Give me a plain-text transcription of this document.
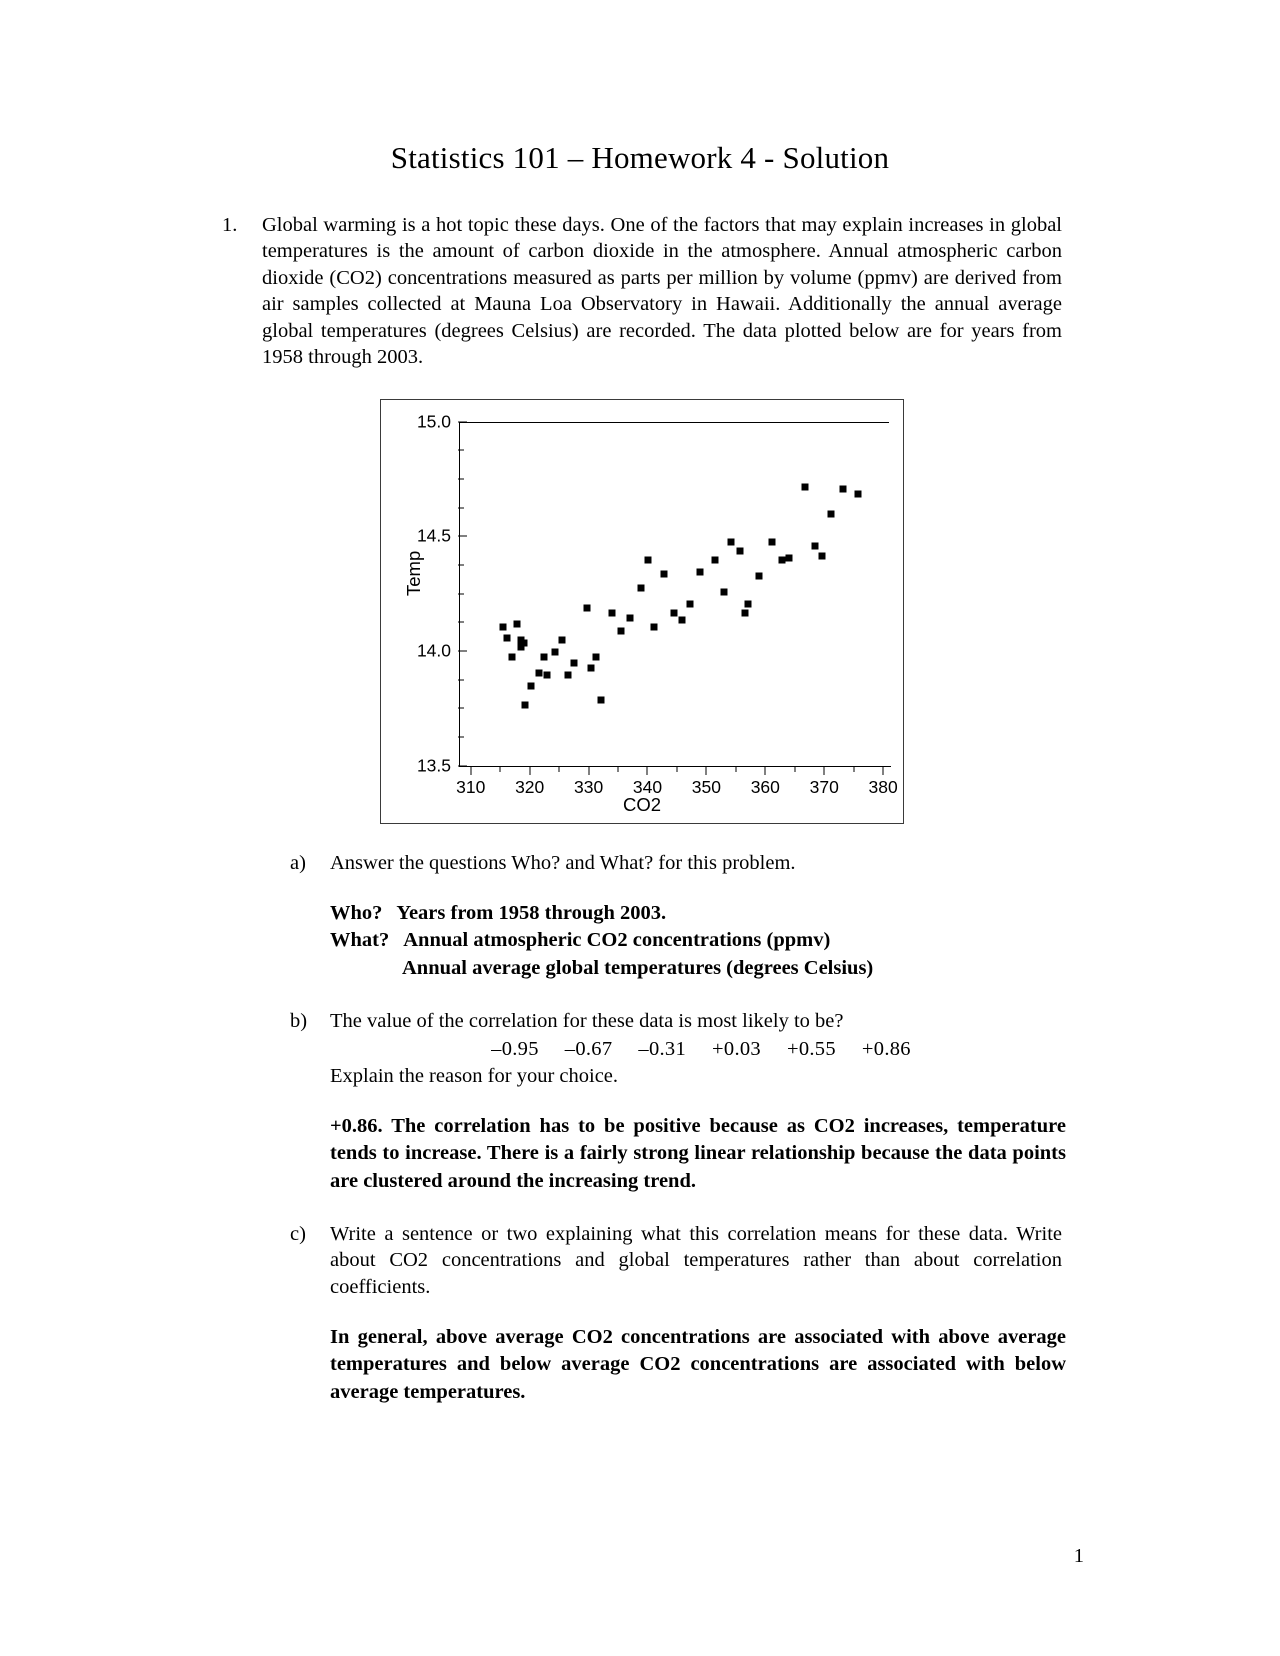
Statistics 101 – Homework 4 - Solution
1.	Global warming is a hot topic these days. One of the factors that may explain increases in global temperatures is the amount of carbon dioxide in the atmosphere. Annual atmospheric carbon dioxide (CO2) concentrations measured as parts per million by volume (ppmv) are derived from air samples collected at Mauna Loa Observatory in Hawaii. Additionally the annual average global temperatures (degrees Celsius) are recorded. The data plotted below are for years from 1958 through 2003.
Temp
CO2
13.5
14.0
14.5
15.0
310 320 330 340 350 360 370 380
a)	Answer the questions Who? and What? for this problem.
Who? Years from 1958 through 2003.
What? Annual atmospheric CO2 concentrations (ppmv)
Annual average global temperatures (degrees Celsius)
b)	The value of the correlation for these data is most likely to be?
–0.95 –0.67 –0.31 +0.03 +0.55 +0.86
Explain the reason for your choice.
+0.86. The correlation has to be positive because as CO2 increases, temperature tends to increase. There is a fairly strong linear relationship because the data points are clustered around the increasing trend.
c)	Write a sentence or two explaining what this correlation means for these data. Write about CO2 concentrations and global temperatures rather than about correlation coefficients.
In general, above average CO2 concentrations are associated with above average temperatures and below average CO2 concentrations are associated with below average temperatures.
1
